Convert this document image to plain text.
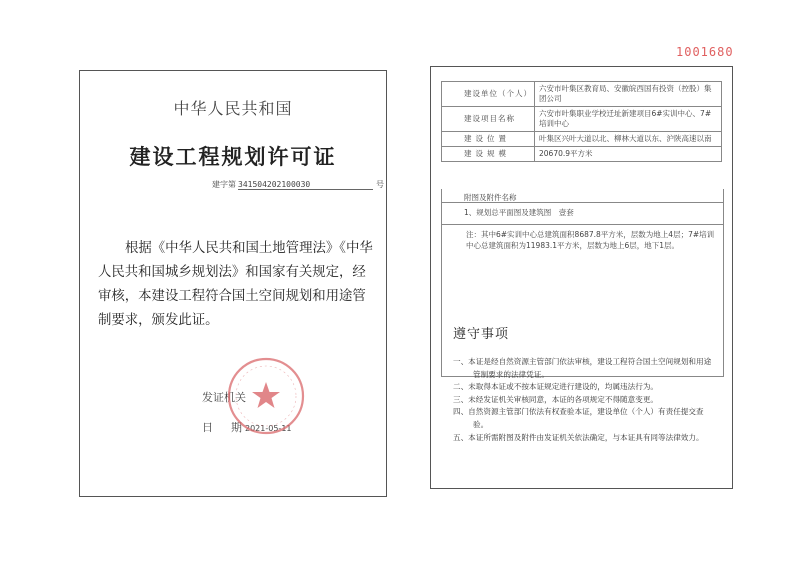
1001680
中华人民共和国
建设工程规划许可证
建字第 341504202100030	号
根据《中华人民共和国土地管理法》《中华人民共和国城乡规划法》和国家有关规定，经审核，本建设工程符合国土空间规划和用途管制要求，颁发此证。
发证机关
日 期 2021-05-11
建设单位（个人）	六安市叶集区教育局、安徽皖西国有投资（控股）集团公司
建设项目名称	六安市叶集职业学校迁址新建项目6#实训中心、7#培训中心
建设位置	叶集区兴叶大道以北、柳林大道以东、沪陕高速以南
建设规模	20670.9平方米
附图及附件名称
1、规划总平面图及建筑图　壹套
注：其中6#实训中心总建筑面积8687.8平方米，层数为地上4层；7#培训中心总建筑面积为11983.1平方米，层数为地上6层，地下1层。
遵守事项
一、本证是经自然资源主管部门依法审核，建设工程符合国土空间规划和用途管制要求的法律凭证。
二、未取得本证或不按本证规定进行建设的，均属违法行为。
三、未经发证机关审核同意，本证的各项规定不得随意变更。
四、自然资源主管部门依法有权查验本证，建设单位（个人）有责任提交查验。
五、本证所需附图及附件由发证机关依法确定，与本证具有同等法律效力。
